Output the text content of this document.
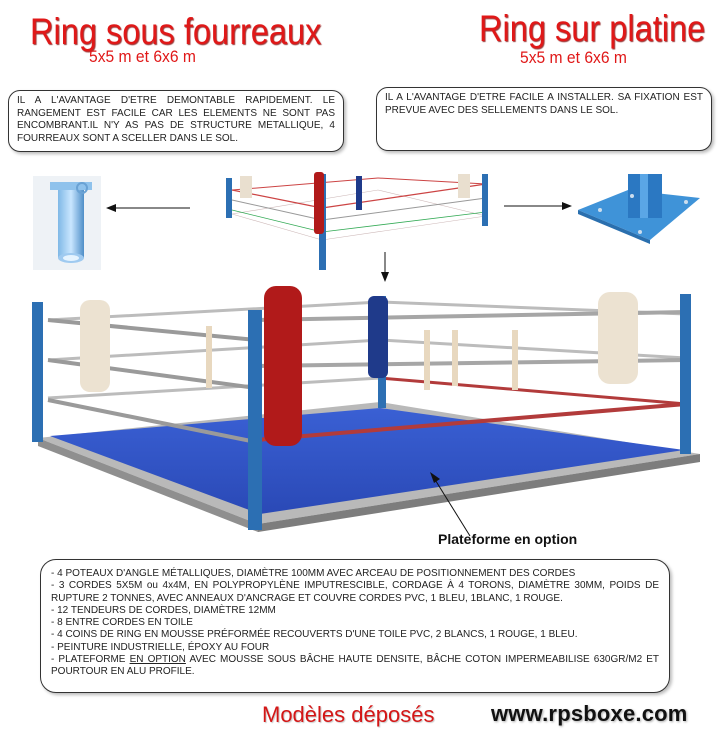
Ring sous fourreaux
5x5 m et 6x6 m
Ring sur platine
5x5 m et 6x6 m
IL A L'AVANTAGE D'ETRE DEMONTABLE RAPIDEMENT. LE RANGEMENT EST FACILE CAR LES ELEMENTS NE SONT PAS ENCOMBRANT.IL N'Y AS PAS DE STRUCTURE METALLIQUE, 4 FOURREAUX SONT A SCELLER DANS LE SOL.
IL A L'AVANTAGE D'ETRE FACILE A INSTALLER. SA FIXATION EST PREVUE AVEC DES SELLEMENTS DANS LE SOL.
Plateforme en option

- 4 POTEAUX D'ANGLE MÉTALLIQUES, DIAMÈTRE 100MM AVEC ARCEAU DE POSITIONNEMENT DES CORDES

- 3 CORDES 5X5M ou 4x4M, EN POLYPROPYLÈNE IMPUTRESCIBLE, CORDAGE À 4 TORONS, DIAMÈTRE 30MM, POIDS DE RUPTURE 2 TONNES, AVEC ANNEAUX D'ANCRAGE ET COUVRE CORDES PVC, 1 BLEU, 1BLANC, 1 ROUGE.

- 12 TENDEURS DE CORDES, DIAMÈTRE 12MM

- 8 ENTRE CORDES EN TOILE

- 4 COINS DE RING EN MOUSSE PRÉFORMÉE RECOUVERTS D'UNE TOILE PVC, 2 BLANCS, 1 ROUGE, 1 BLEU.

- PEINTURE INDUSTRIELLE, ÉPOXY AU FOUR

- PLATEFORME EN OPTION AVEC MOUSSE SOUS BÂCHE HAUTE DENSITE, BÂCHE COTON IMPERMEABILISE 630GR/M2 ET POURTOUR EN ALU PROFILE.

Modèles déposés	www.rpsboxe.com
